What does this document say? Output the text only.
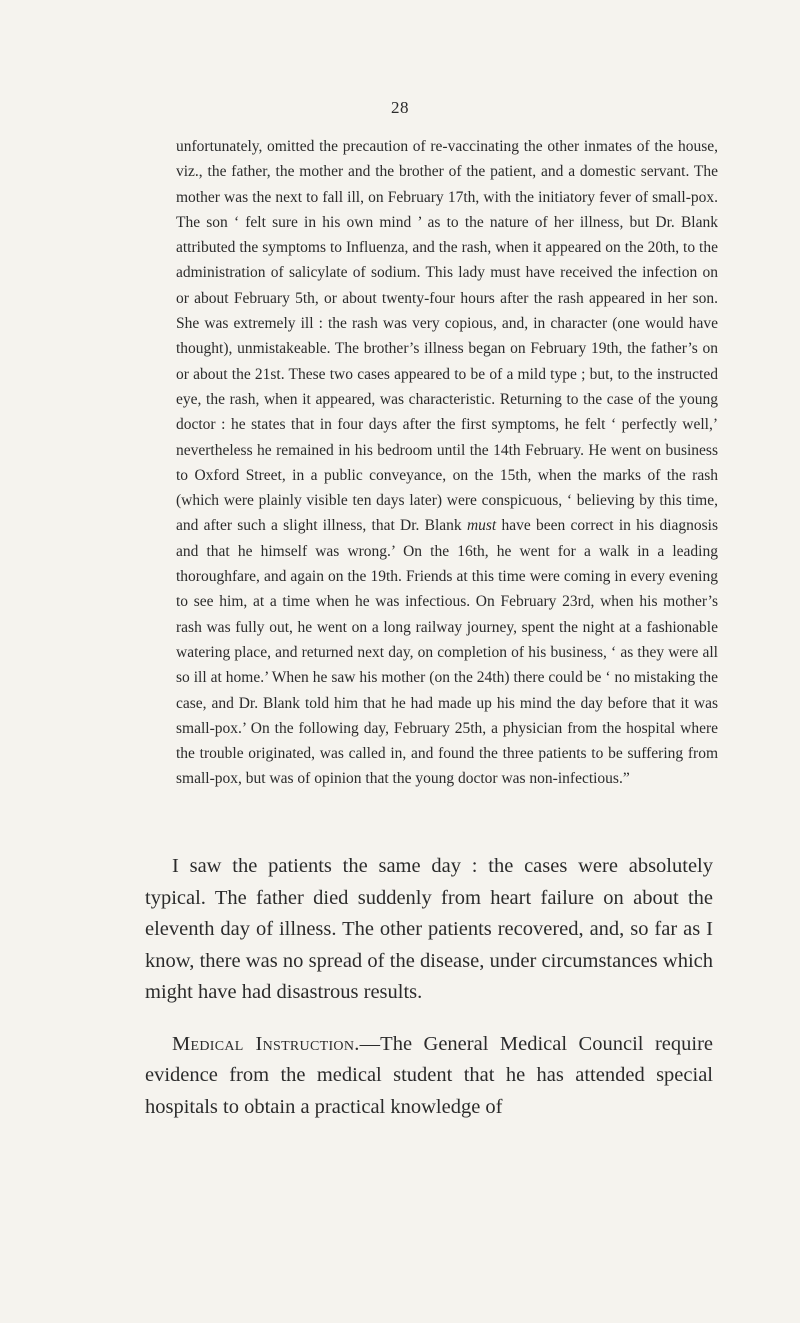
28

unfortunately, omitted the precaution of re-vaccinating the other inmates of the house, viz., the father, the mother and the brother of the patient, and a domestic servant. The mother was the next to fall ill, on February 17th, with the initiatory fever of small-pox. The son ‘ felt sure in his own mind ’ as to the nature of her illness, but Dr. Blank attributed the symptoms to Influenza, and the rash, when it appeared on the 20th, to the administration of salicylate of sodium. This lady must have received the infection on or about February 5th, or about twenty-four hours after the rash appeared in her son. She was extremely ill : the rash was very copious, and, in character (one would have thought), unmistakeable. The brother’s illness began on February 19th, the father’s on or about the 21st. These two cases appeared to be of a mild type ; but, to the instructed eye, the rash, when it appeared, was characteristic. Returning to the case of the young doctor : he states that in four days after the first symptoms, he felt ‘ perfectly well,’ nevertheless he remained in his bedroom until the 14th February. He went on business to Oxford Street, in a public conveyance, on the 15th, when the marks of the rash (which were plainly visible ten days later) were conspicuous, ‘ believing by this time, and after such a slight illness, that Dr. Blank must have been correct in his diagnosis and that he himself was wrong.’ On the 16th, he went for a walk in a leading thoroughfare, and again on the 19th. Friends at this time were coming in every evening to see him, at a time when he was infectious. On February 23rd, when his mother’s rash was fully out, he went on a long railway journey, spent the night at a fashionable watering place, and returned next day, on completion of his business, ‘ as they were all so ill at home.’ When he saw his mother (on the 24th) there could be ‘ no mistaking the case, and Dr. Blank told him that he had made up his mind the day before that it was small-pox.’ On the following day, February 25th, a physician from the hospital where the trouble originated, was called in, and found the three patients to be suffering from small-pox, but was of opinion that the young doctor was non-infectious.”

I saw the patients the same day : the cases were absolutely typical. The father died suddenly from heart failure on about the eleventh day of illness. The other patients recovered, and, so far as I know, there was no spread of the disease, under circumstances which might have had disastrous results.

Medical Instruction.—The General Medical Council require evidence from the medical student that he has attended special hospitals to obtain a practical knowledge of
